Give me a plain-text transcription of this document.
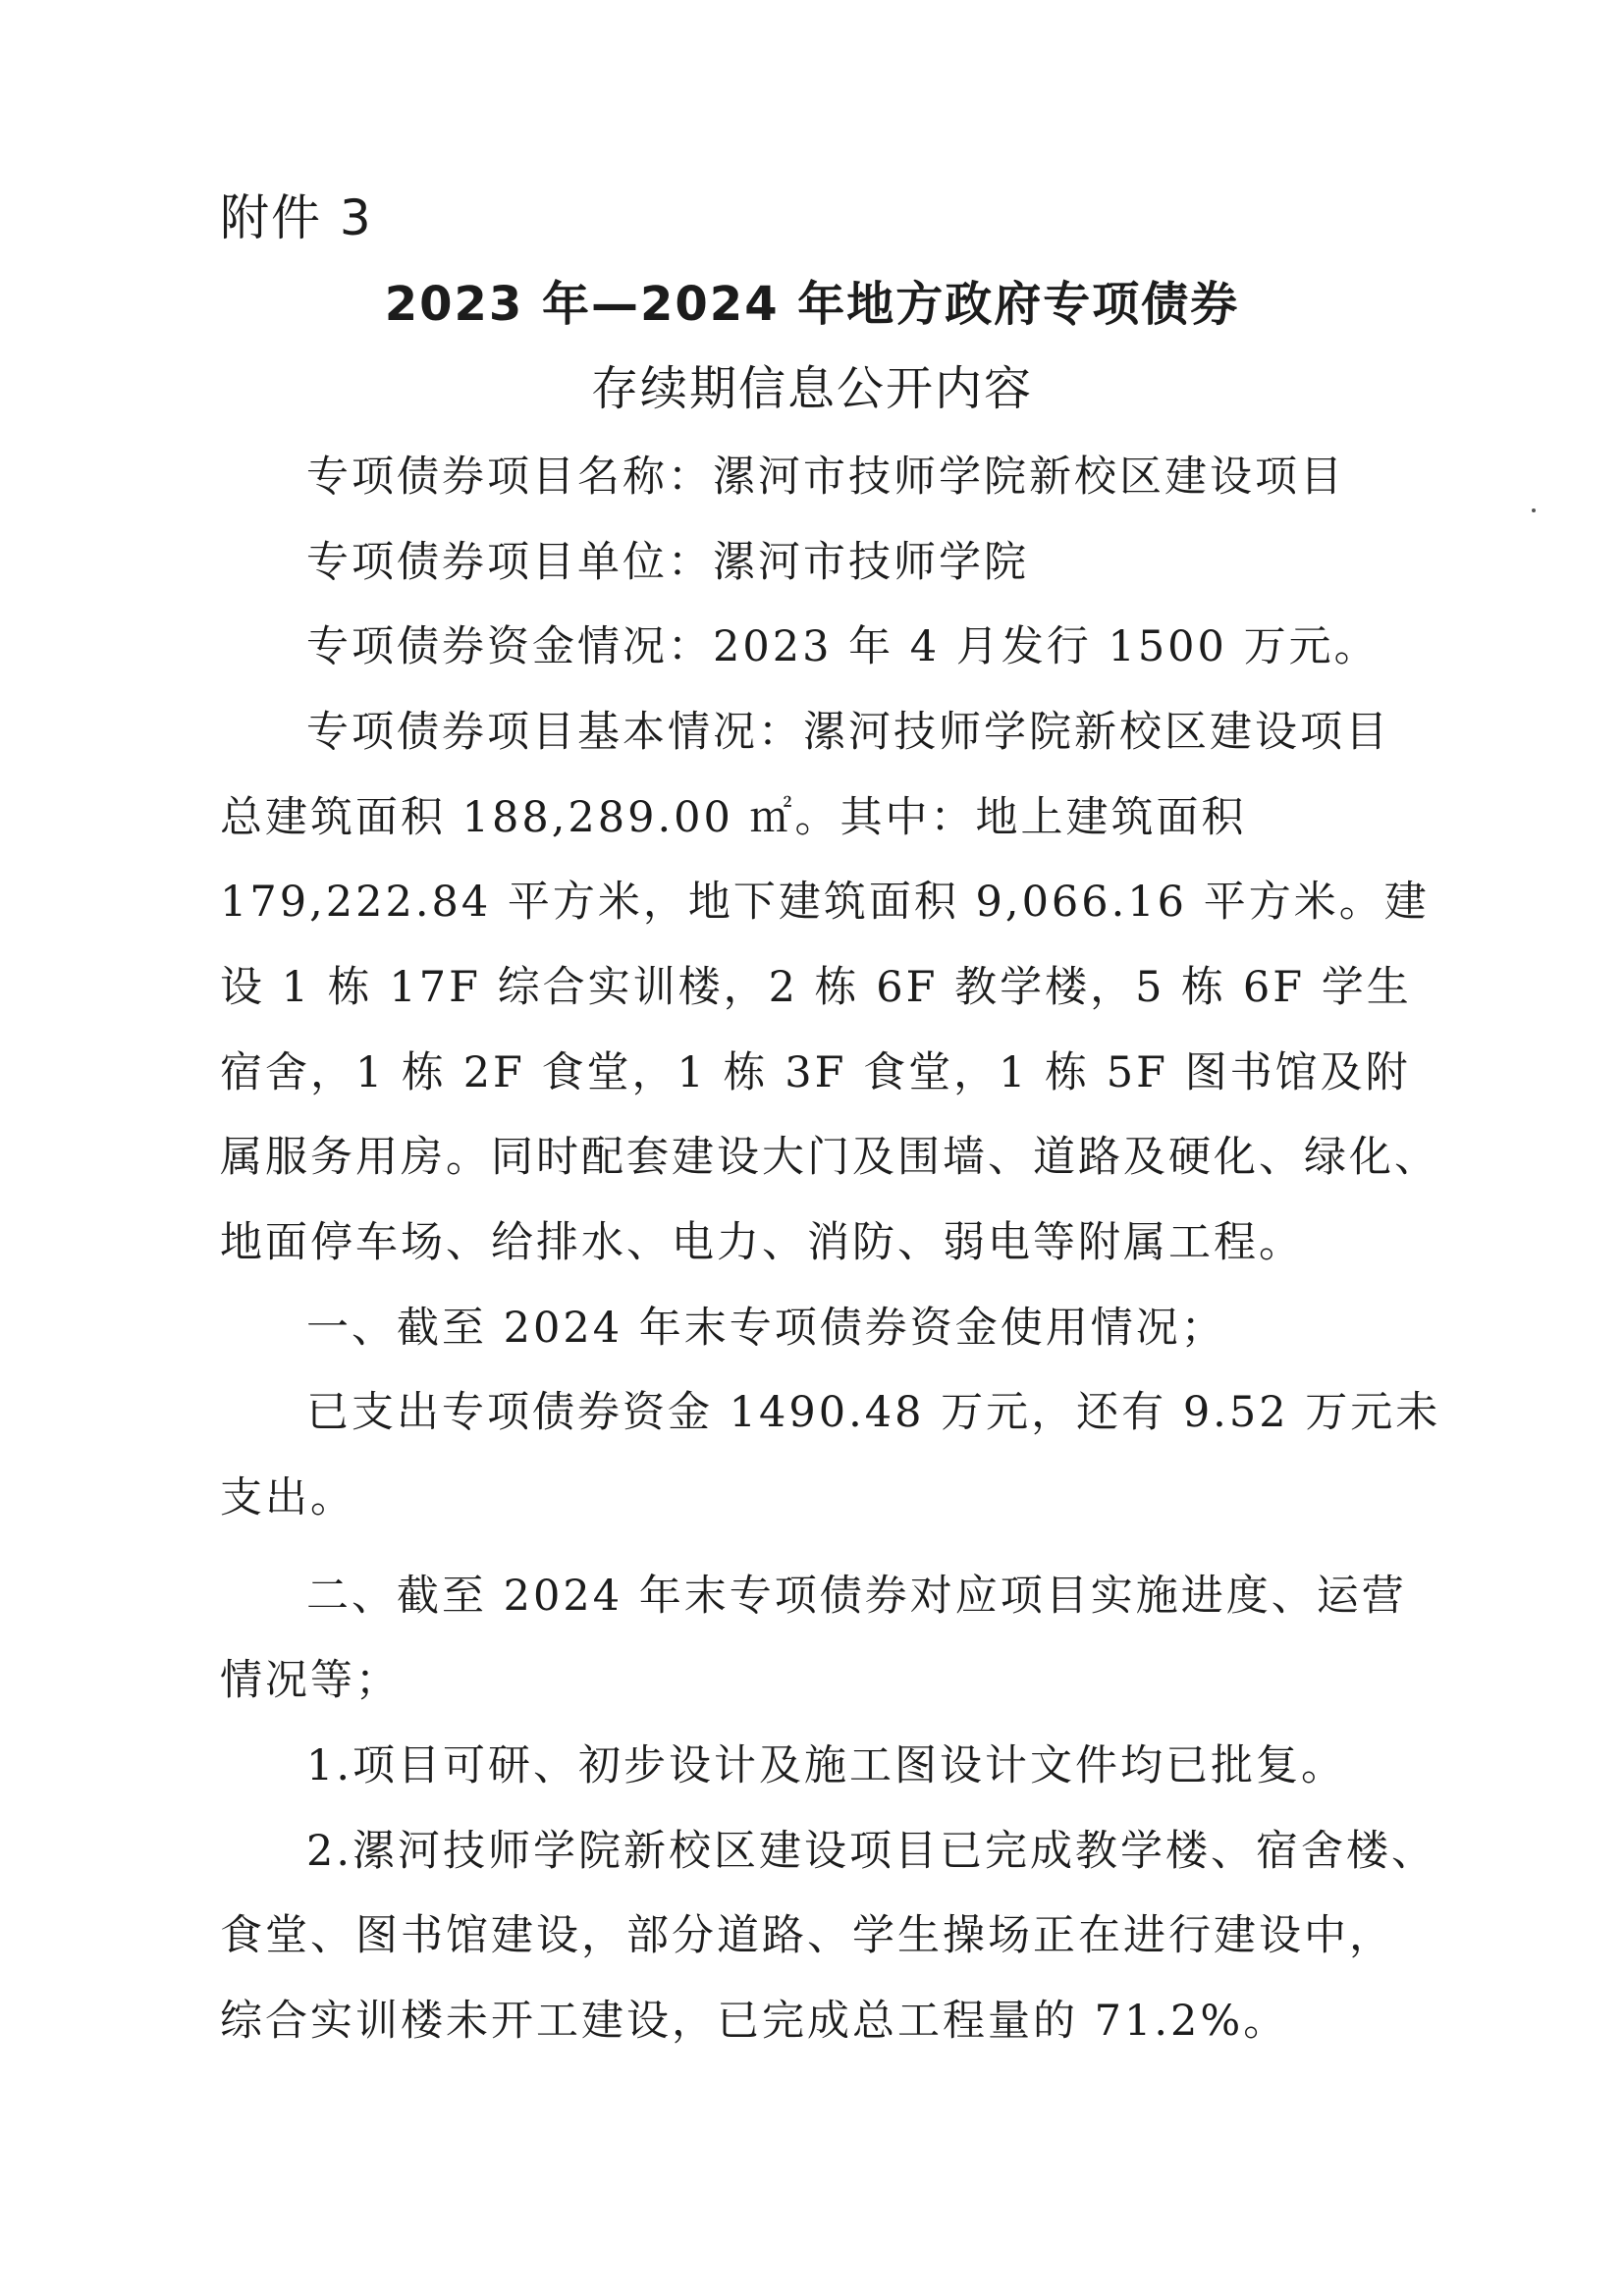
附件 3
2023 年—2024 年地方政府专项债券
存续期信息公开内容
专项债券项目名称：漯河市技师学院新校区建设项目
专项债券项目单位：漯河市技师学院
专项债券资金情况：2023 年 4 月发行 1500 万元。
专项债券项目基本情况：漯河技师学院新校区建设项目
总建筑面积 188,289.00 ㎡。其中：地上建筑面积
179,222.84 平方米，地下建筑面积 9,066.16 平方米。建
设 1 栋 17F 综合实训楼，2 栋 6F 教学楼，5 栋 6F 学生
宿舍，1 栋 2F 食堂，1 栋 3F 食堂，1 栋 5F 图书馆及附
属服务用房。同时配套建设大门及围墙、道路及硬化、绿化、
地面停车场、给排水、电力、消防、弱电等附属工程。
一、截至 2024 年末专项债券资金使用情况；
已支出专项债券资金 1490.48 万元，还有 9.52 万元未
支出。
二、截至 2024 年末专项债券对应项目实施进度、运营
情况等；
1.项目可研、初步设计及施工图设计文件均已批复。
2.漯河技师学院新校区建设项目已完成教学楼、宿舍楼、
食堂、图书馆建设，部分道路、学生操场正在进行建设中，
综合实训楼未开工建设，已完成总工程量的 71.2%。
